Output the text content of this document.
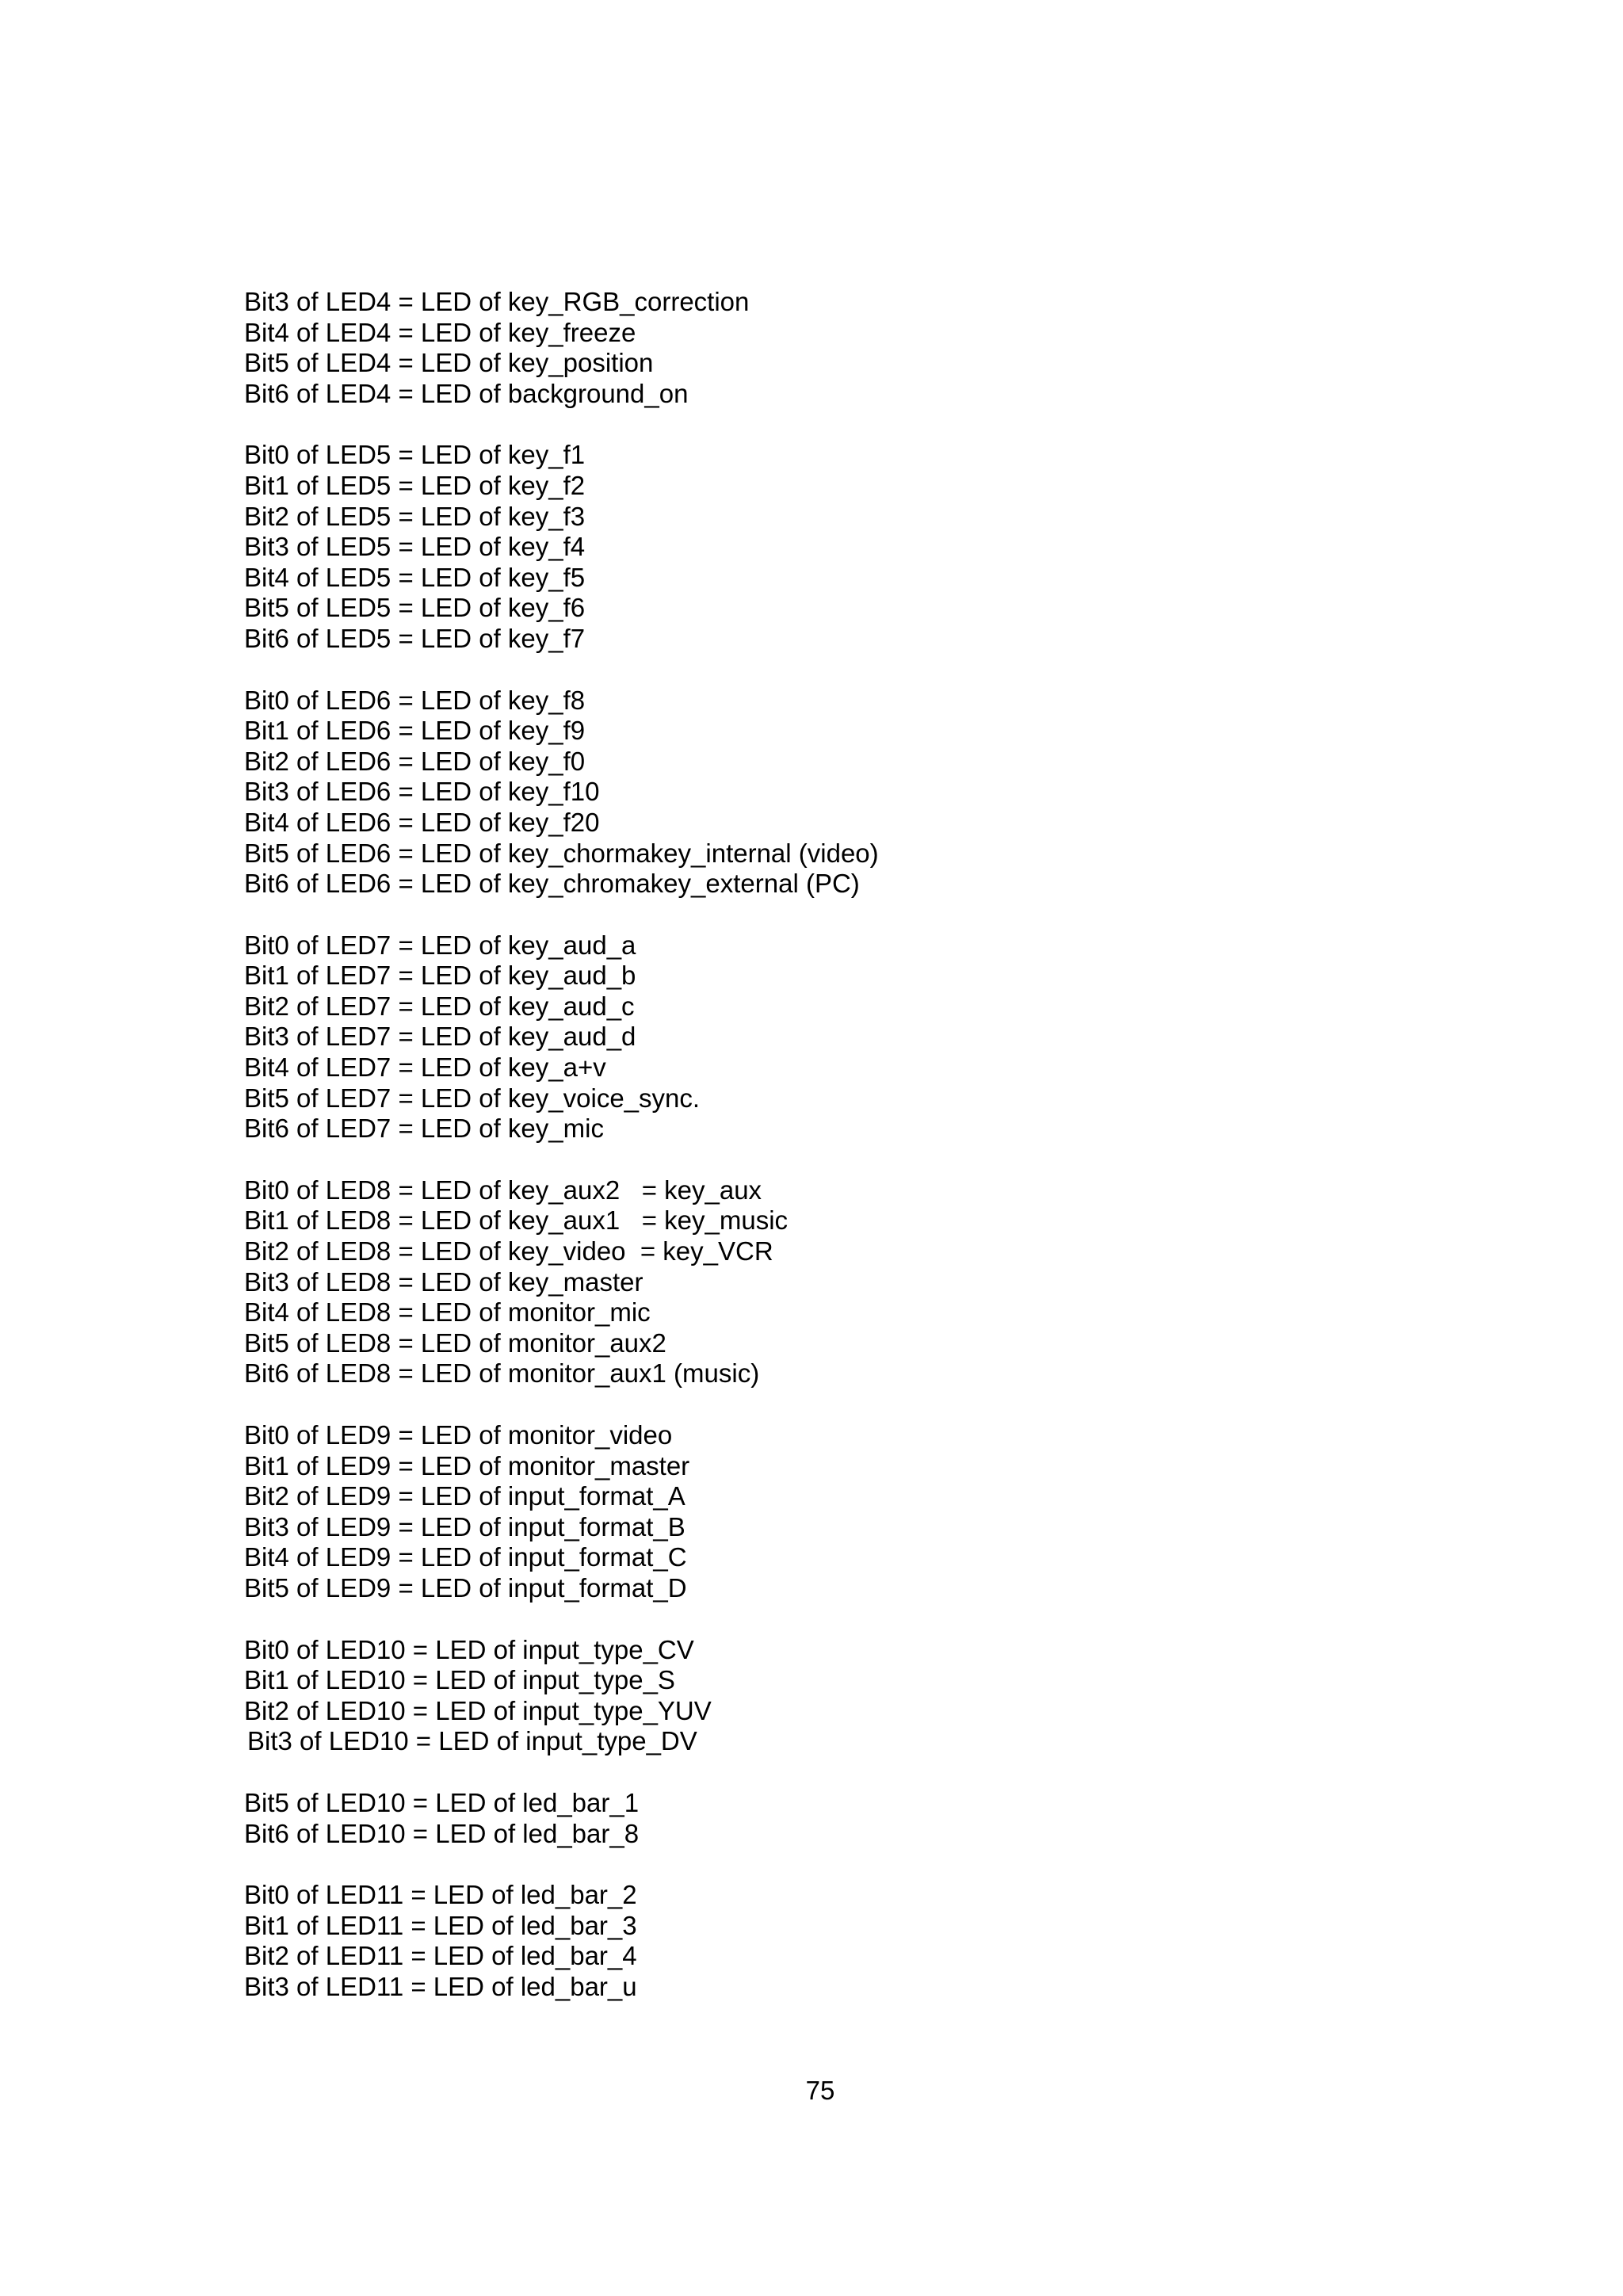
Bit3 of LED4 = LED of key_RGB_correction
Bit4 of LED4 = LED of key_freeze
Bit5 of LED4 = LED of key_position
Bit6 of LED4 = LED of background_on
Bit0 of LED5 = LED of key_f1
Bit1 of LED5 = LED of key_f2
Bit2 of LED5 = LED of key_f3
Bit3 of LED5 = LED of key_f4
Bit4 of LED5 = LED of key_f5
Bit5 of LED5 = LED of key_f6
Bit6 of LED5 = LED of key_f7
Bit0 of LED6 = LED of key_f8
Bit1 of LED6 = LED of key_f9
Bit2 of LED6 = LED of key_f0
Bit3 of LED6 = LED of key_f10
Bit4 of LED6 = LED of key_f20
Bit5 of LED6 = LED of key_chormakey_internal (video)
Bit6 of LED6 = LED of key_chromakey_external (PC)
Bit0 of LED7 = LED of key_aud_a
Bit1 of LED7 = LED of key_aud_b
Bit2 of LED7 = LED of key_aud_c
Bit3 of LED7 = LED of key_aud_d
Bit4 of LED7 = LED of key_a+v
Bit5 of LED7 = LED of key_voice_sync.
Bit6 of LED7 = LED of key_mic
Bit0 of LED8 = LED of key_aux2   = key_aux
Bit1 of LED8 = LED of key_aux1   = key_music
Bit2 of LED8 = LED of key_video  = key_VCR
Bit3 of LED8 = LED of key_master
Bit4 of LED8 = LED of monitor_mic
Bit5 of LED8 = LED of monitor_aux2
Bit6 of LED8 = LED of monitor_aux1 (music)
Bit0 of LED9 = LED of monitor_video
Bit1 of LED9 = LED of monitor_master
Bit2 of LED9 = LED of input_format_A
Bit3 of LED9 = LED of input_format_B
Bit4 of LED9 = LED of input_format_C
Bit5 of LED9 = LED of input_format_D
Bit0 of LED10 = LED of input_type_CV
Bit1 of LED10 = LED of input_type_S
Bit2 of LED10 = LED of input_type_YUV
Bit3 of LED10 = LED of input_type_DV
Bit5 of LED10 = LED of led_bar_1
Bit6 of LED10 = LED of led_bar_8
Bit0 of LED11 = LED of led_bar_2
Bit1 of LED11 = LED of led_bar_3
Bit2 of LED11 = LED of led_bar_4
Bit3 of LED11 = LED of led_bar_u
75
